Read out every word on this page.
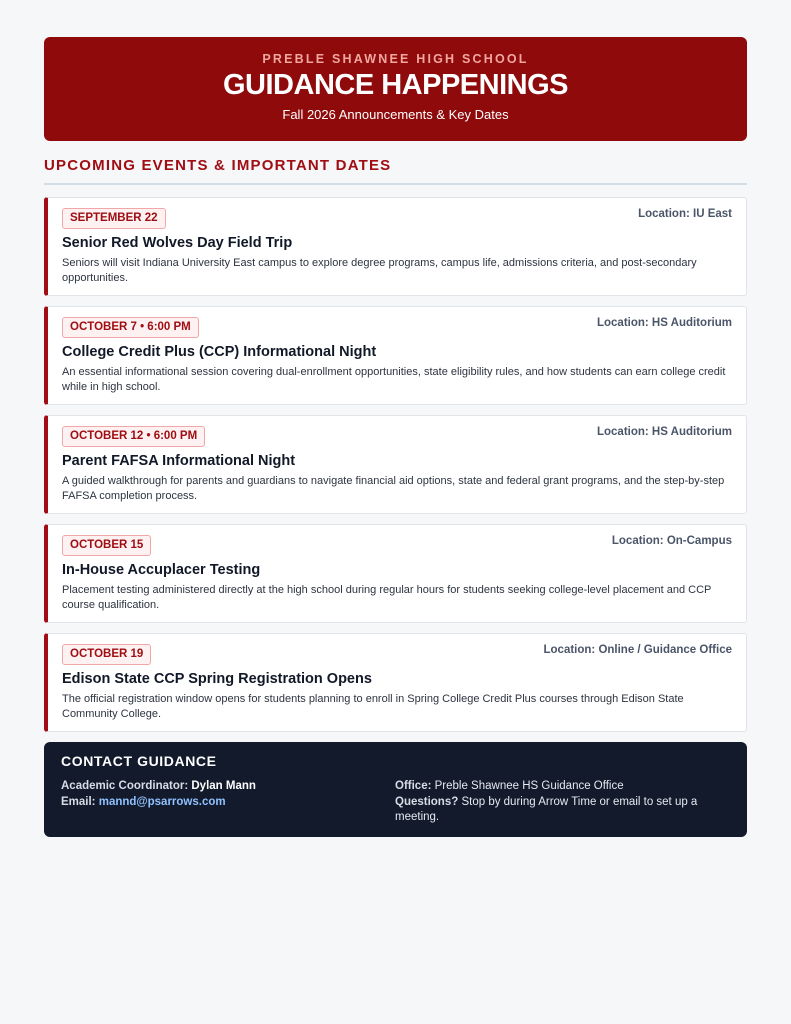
PREBLE SHAWNEE HIGH SCHOOL
GUIDANCE HAPPENINGS
Fall 2026 Announcements & Key Dates
UPCOMING EVENTS & IMPORTANT DATES
SEPTEMBER 22	Location: IU East
Senior Red Wolves Day Field Trip
Seniors will visit Indiana University East campus to explore degree programs, campus life, admissions criteria, and post-secondary opportunities.
OCTOBER 7 • 6:00 PM	Location: HS Auditorium
College Credit Plus (CCP) Informational Night
An essential informational session covering dual-enrollment opportunities, state eligibility rules, and how students can earn college credit while in high school.
OCTOBER 12 • 6:00 PM	Location: HS Auditorium
Parent FAFSA Informational Night
A guided walkthrough for parents and guardians to navigate financial aid options, state and federal grant programs, and the step-by-step FAFSA completion process.
OCTOBER 15	Location: On-Campus
In-House Accuplacer Testing
Placement testing administered directly at the high school during regular hours for students seeking college-level placement and CCP course qualification.
OCTOBER 19	Location: Online / Guidance Office
Edison State CCP Spring Registration Opens
The official registration window opens for students planning to enroll in Spring College Credit Plus courses through Edison State Community College.
CONTACT GUIDANCE
Academic Coordinator: Dylan Mann
Email: mannd@psarrows.com
Office: Preble Shawnee HS Guidance Office
Questions? Stop by during Arrow Time or email to set up a meeting.
